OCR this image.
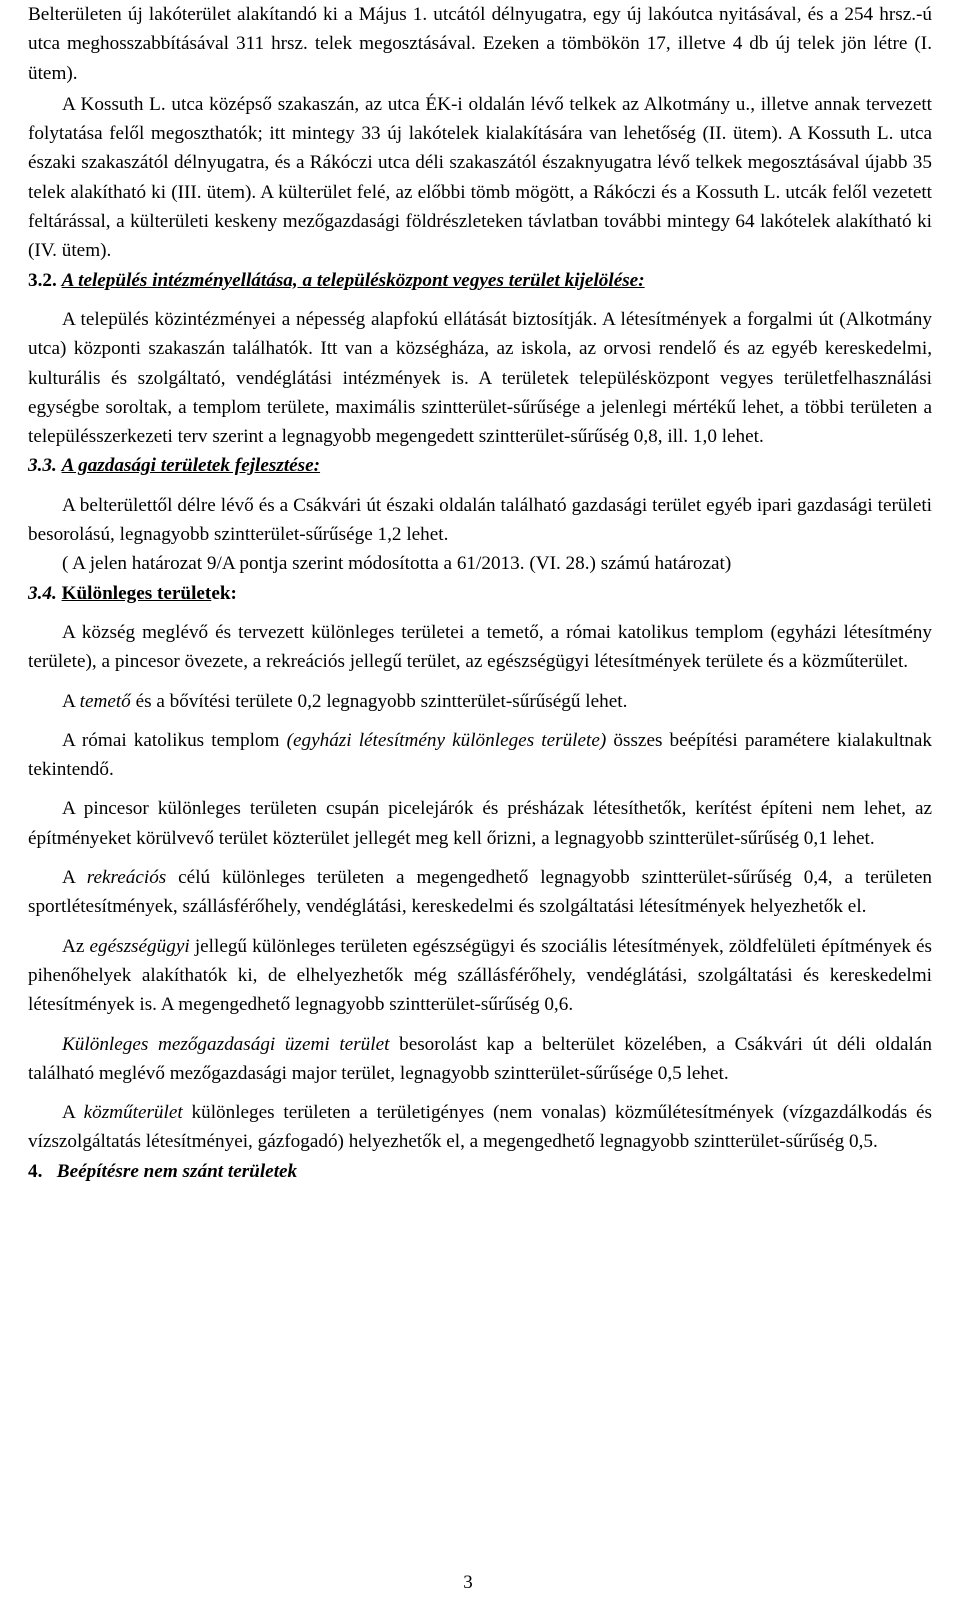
Belterületen új lakóterület alakítandó ki a Május 1. utcától délnyugatra, egy új lakóutca nyitásával, és a 254 hrsz.-ú utca meghosszabbításával 311 hrsz. telek megosztásával. Ezeken a tömbökön 17, illetve 4 db új telek jön létre (I. ütem).

A Kossuth L. utca középső szakaszán, az utca ÉK-i oldalán lévő telkek az Alkotmány u., illetve annak tervezett folytatása felől megoszthatók; itt mintegy 33 új lakótelek kialakítására van lehetőség (II. ütem). A Kossuth L. utca északi szakaszától délnyugatra, és a Rákóczi utca déli szakaszától északnyugatra lévő telkek megosztásával újabb 35 telek alakítható ki (III. ütem). A külterület felé, az előbbi tömb mögött, a Rákóczi és a Kossuth L. utcák felől vezetett feltárással, a külterületi keskeny mezőgazdasági földrészleteken távlatban további mintegy 64 lakótelek alakítható ki (IV. ütem).

3.2. A település intézményellátása, a településközpont vegyes terület kijelölése:

A település közintézményei a népesség alapfokú ellátását biztosítják. A létesítmények a forgalmi út (Alkotmány utca) központi szakaszán találhatók. Itt van a községháza, az iskola, az orvosi rendelő és az egyéb kereskedelmi, kulturális és szolgáltató, vendéglátási intézmények is. A területek településközpont vegyes területfelhasználási egységbe soroltak, a templom területe, maximális szintterület-sűrűsége a jelenlegi mértékű lehet, a többi területen a településszerkezeti terv szerint a legnagyobb megengedett szintterület-sűrűség 0,8, ill. 1,0 lehet.

3.3. A gazdasági területek fejlesztése:

A belterülettől délre lévő és a Csákvári út északi oldalán található gazdasági terület egyéb ipari gazdasági területi besorolású, legnagyobb szintterület-sűrűsége 1,2 lehet.

( A jelen határozat 9/A pontja szerint módosította a 61/2013. (VI. 28.) számú határozat)

3.4. Különleges területek:

A község meglévő és tervezett különleges területei a temető, a római katolikus templom (egyházi létesítmény területe), a pincesor övezete, a rekreációs jellegű terület, az egészségügyi létesítmények területe és a közműterület.

A temető és a bővítési területe 0,2 legnagyobb szintterület-sűrűségű lehet.

A római katolikus templom (egyházi létesítmény különleges területe) összes beépítési paramétere kialakultnak tekintendő.

A pincesor különleges területen csupán picelejárók és présházak létesíthetők, kerítést építeni nem lehet, az építményeket körülvevő terület közterület jellegét meg kell őrizni, a legnagyobb szintterület-sűrűség 0,1 lehet.

A rekreációs célú különleges területen a megengedhető legnagyobb szintterület-sűrűség 0,4, a területen sportlétesítmények, szállásférőhely, vendéglátási, kereskedelmi és szolgáltatási létesítmények helyezhetők el.

Az egészségügyi jellegű különleges területen egészségügyi és szociális létesítmények, zöldfelületi építmények és pihenőhelyek alakíthatók ki, de elhelyezhetők még szállásférőhely, vendéglátási, szolgáltatási és kereskedelmi létesítmények is. A megengedhető legnagyobb szintterület-sűrűség 0,6.

Különleges mezőgazdasági üzemi terület besorolást kap a belterület közelében, a Csákvári út déli oldalán található meglévő mezőgazdasági major terület, legnagyobb szintterület-sűrűsége 0,5 lehet.

A közműterület különleges területen a területigényes (nem vonalas) közműlétesítmények (vízgazdálkodás és vízszolgáltatás létesítményei, gázfogadó) helyezhetők el, a megengedhető legnagyobb szintterület-sűrűség 0,5.

4. Beépítésre nem szánt területek

3
